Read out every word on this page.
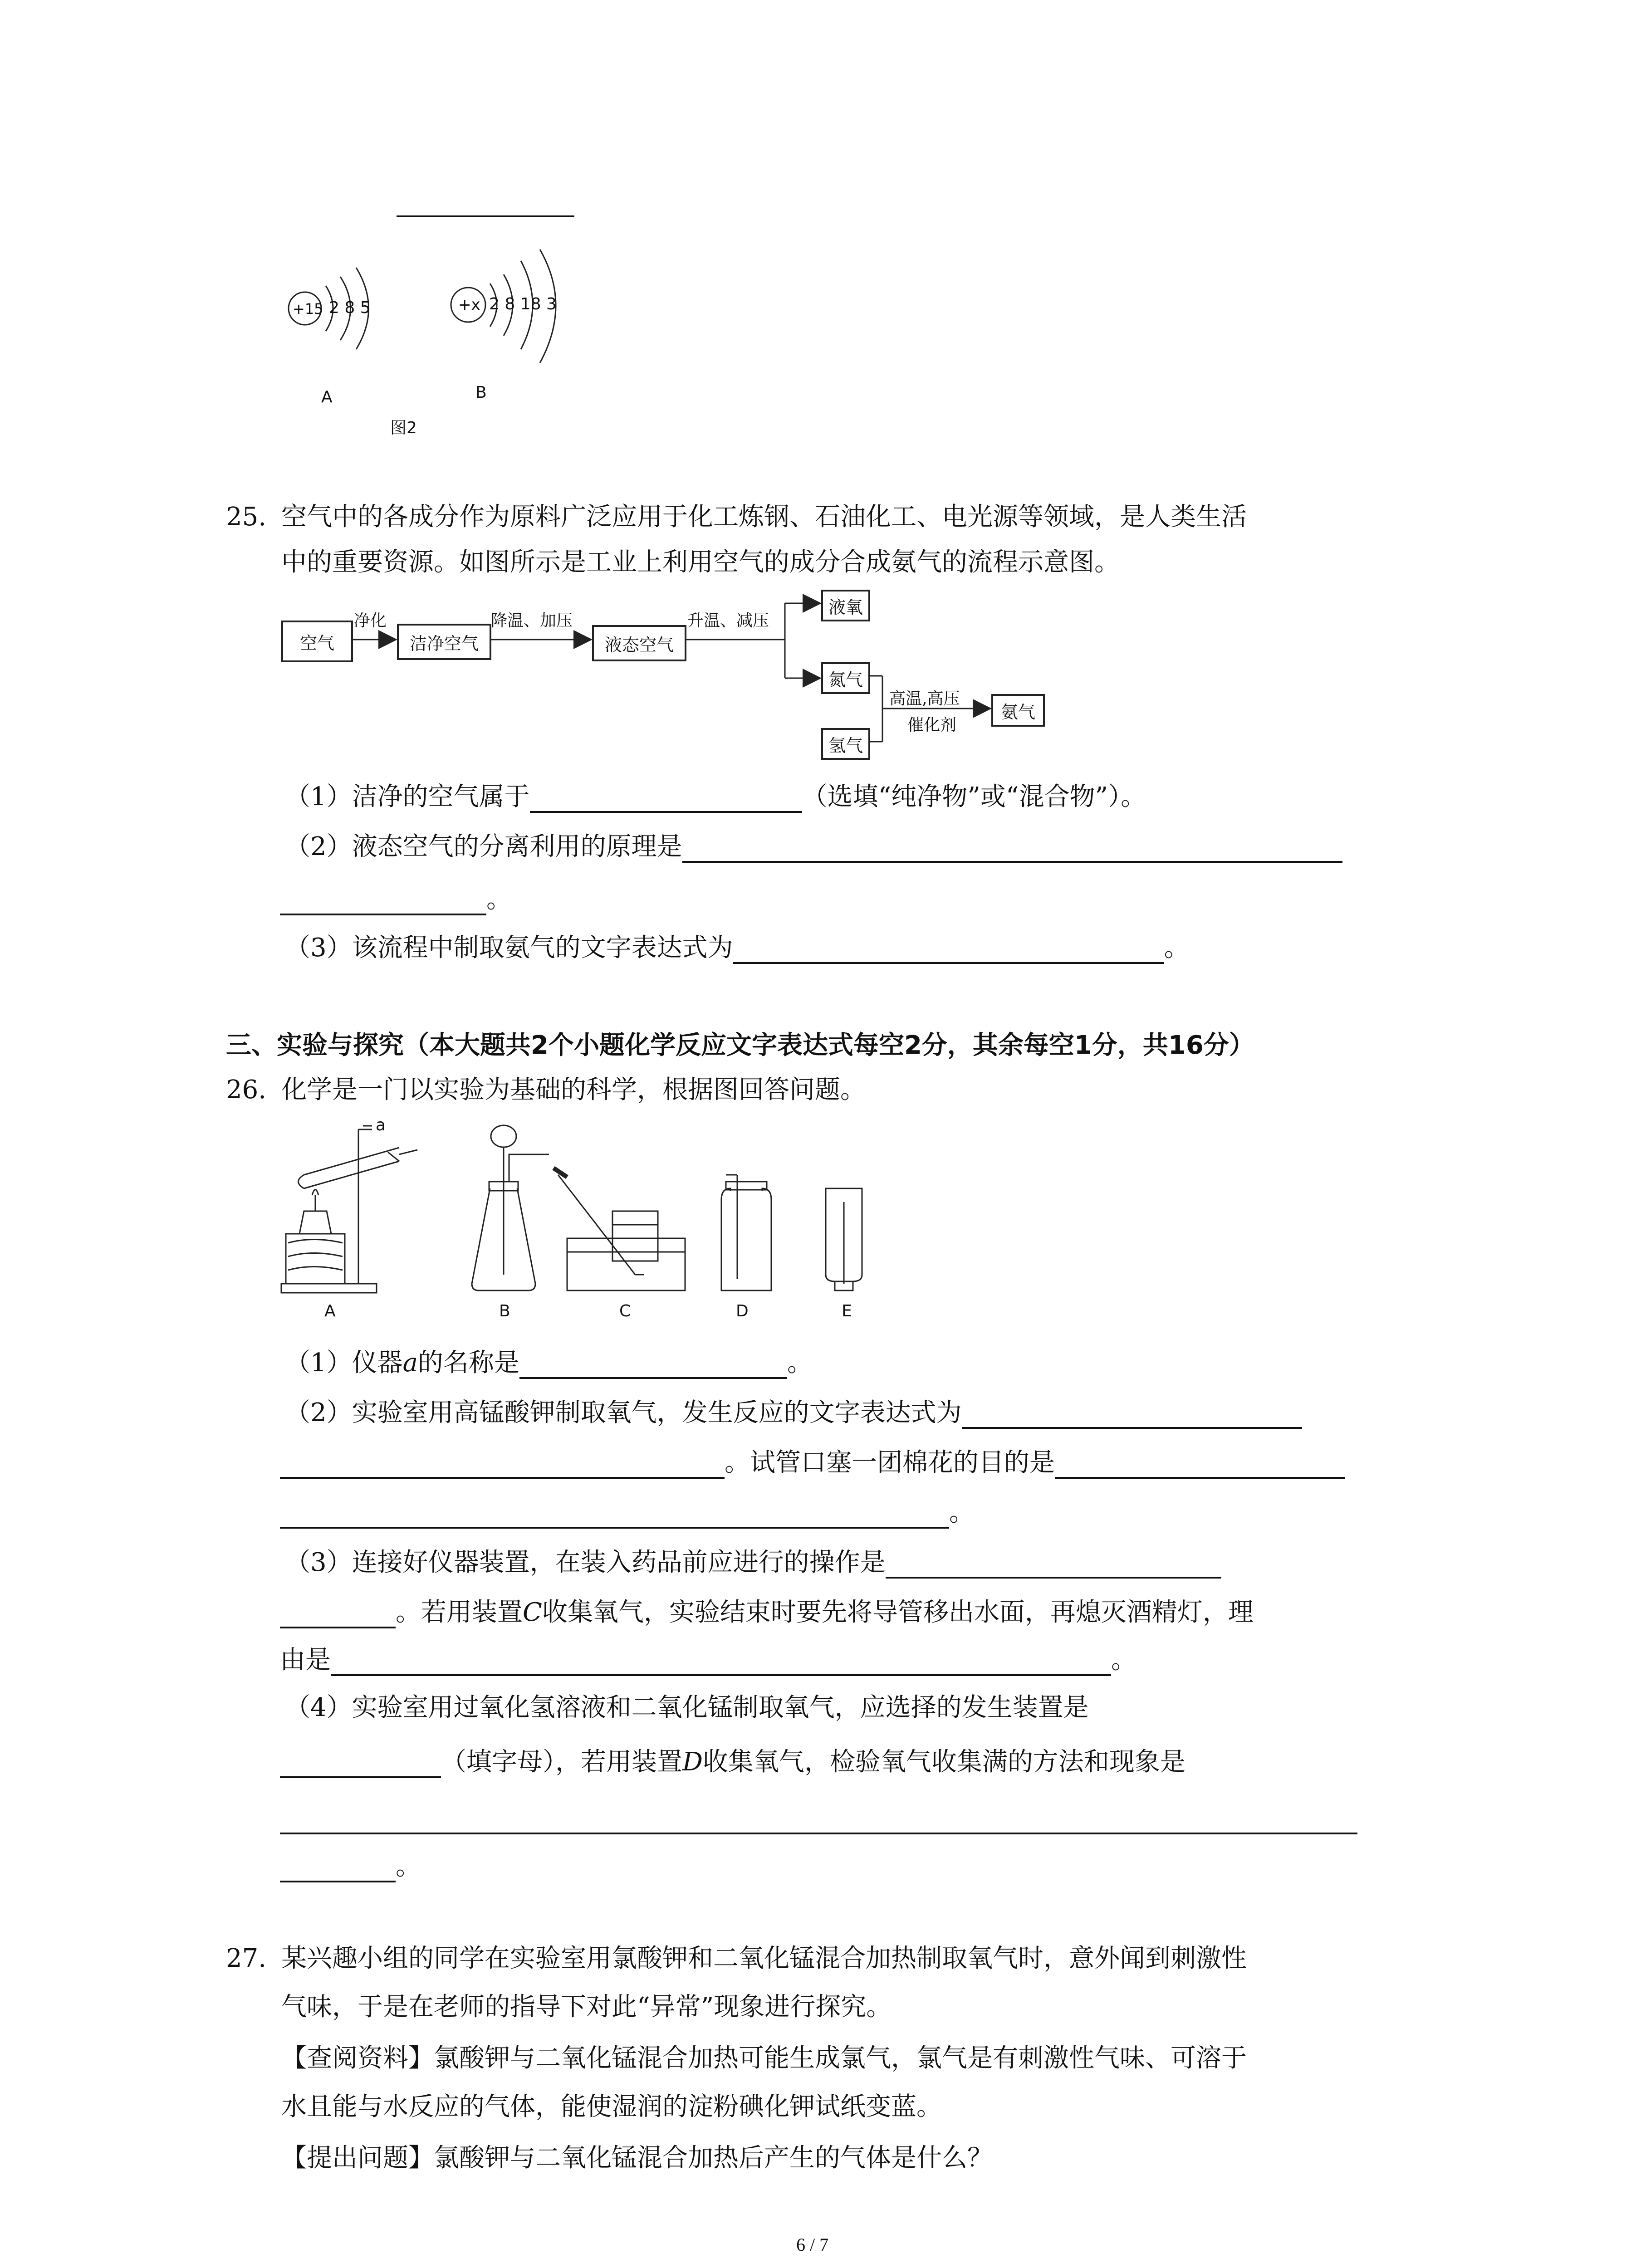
+15 2 8 5	+x 2 8 18 3
A	B
图2
25. 空气中的各成分作为原料广泛应用于化工炼钢、石油化工、电光源等领域，是人类生活
中的重要资源。如图所示是工业上利用空气的成分合成氨气的流程示意图。
空气
净化
洁净空气
降温、加压
液态空气
升温、减压
液氧
氮气
氢气
高温,高压
催化剂
氨气
（1）洁净的空气属于	（选填“纯净物”或“混合物”）。
（2）液态空气的分离利用的原理是
。
（3）该流程中制取氨气的文字表达式为	。
三、实验与探究（本大题共2个小题化学反应文字表达式每空2分，其余每空1分，共16分）
26. 化学是一门以实验为基础的科学，根据图回答问题。
a
A	B	C	D	E
（1）仪器a的名称是	。
（2）实验室用高锰酸钾制取氧气，发生反应的文字表达式为
。试管口塞一团棉花的目的是
。
（3）连接好仪器装置，在装入药品前应进行的操作是
。若用装置C收集氧气，实验结束时要先将导管移出水面，再熄灭酒精灯，理
由是	。
（4）实验室用过氧化氢溶液和二氧化锰制取氧气，应选择的发生装置是
（填字母），若用装置D收集氧气，检验氧气收集满的方法和现象是
。
27. 某兴趣小组的同学在实验室用氯酸钾和二氧化锰混合加热制取氧气时，意外闻到刺激性
气味，于是在老师的指导下对此“异常”现象进行探究。
【查阅资料】氯酸钾与二氧化锰混合加热可能生成氯气，氯气是有刺激性气味、可溶于
水且能与水反应的气体，能使湿润的淀粉碘化钾试纸变蓝。
【提出问题】氯酸钾与二氧化锰混合加热后产生的气体是什么？
6 / 7
